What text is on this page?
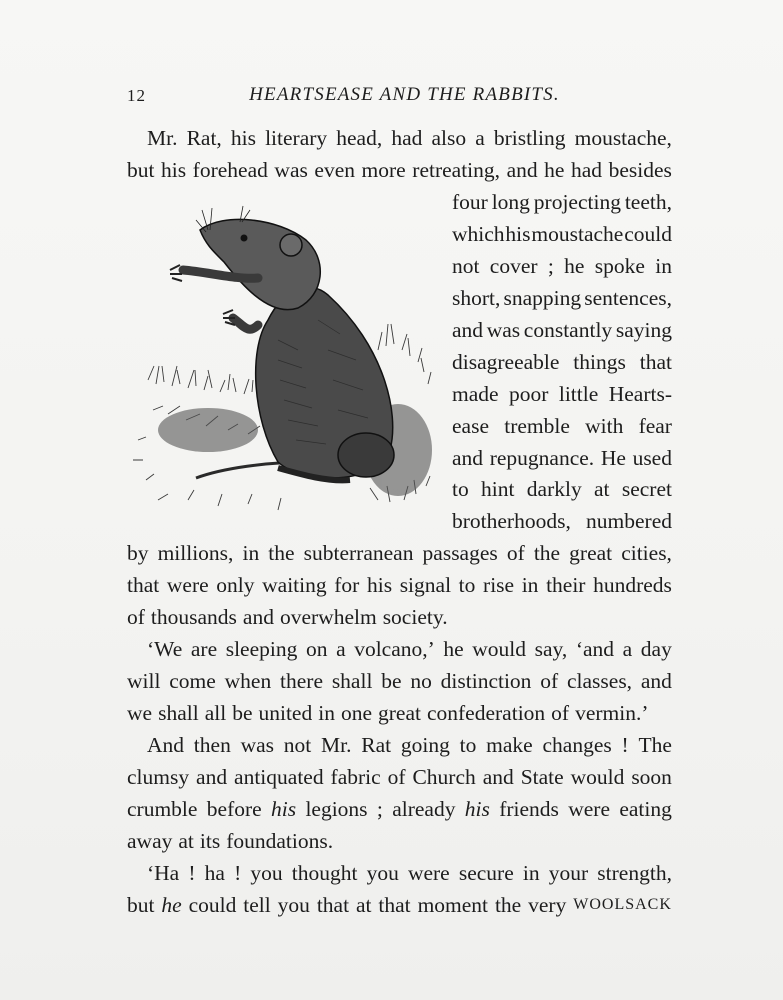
12	HEARTSEASE AND THE RABBITS.
Mr. Rat, his literary head, had also a bristling moustache,
but his forehead was even more retreating, and he had besides
four long projecting teeth,
which his moustache could
not cover ; he spoke in
short, snapping sentences,
and was constantly saying
disagreeable things that
made poor little Hearts-
ease tremble with fear
and repugnance. He used
to hint darkly at secret
brotherhoods, numbered
by millions, in the subterranean passages of the great cities,
that were only waiting for his signal to rise in their hundreds
of thousands and overwhelm society.
‘We are sleeping on a volcano,’ he would say, ‘and a day
will come when there shall be no distinction of classes, and
we shall all be united in one great confederation of vermin.’
And then was not Mr. Rat going to make changes ! The
clumsy and antiquated fabric of Church and State would soon
crumble before his legions ; already his friends were eating
away at its foundations.
‘Ha ! ha ! you thought you were secure in your strength,
but he could tell you that at that moment the very WOOLSACK
